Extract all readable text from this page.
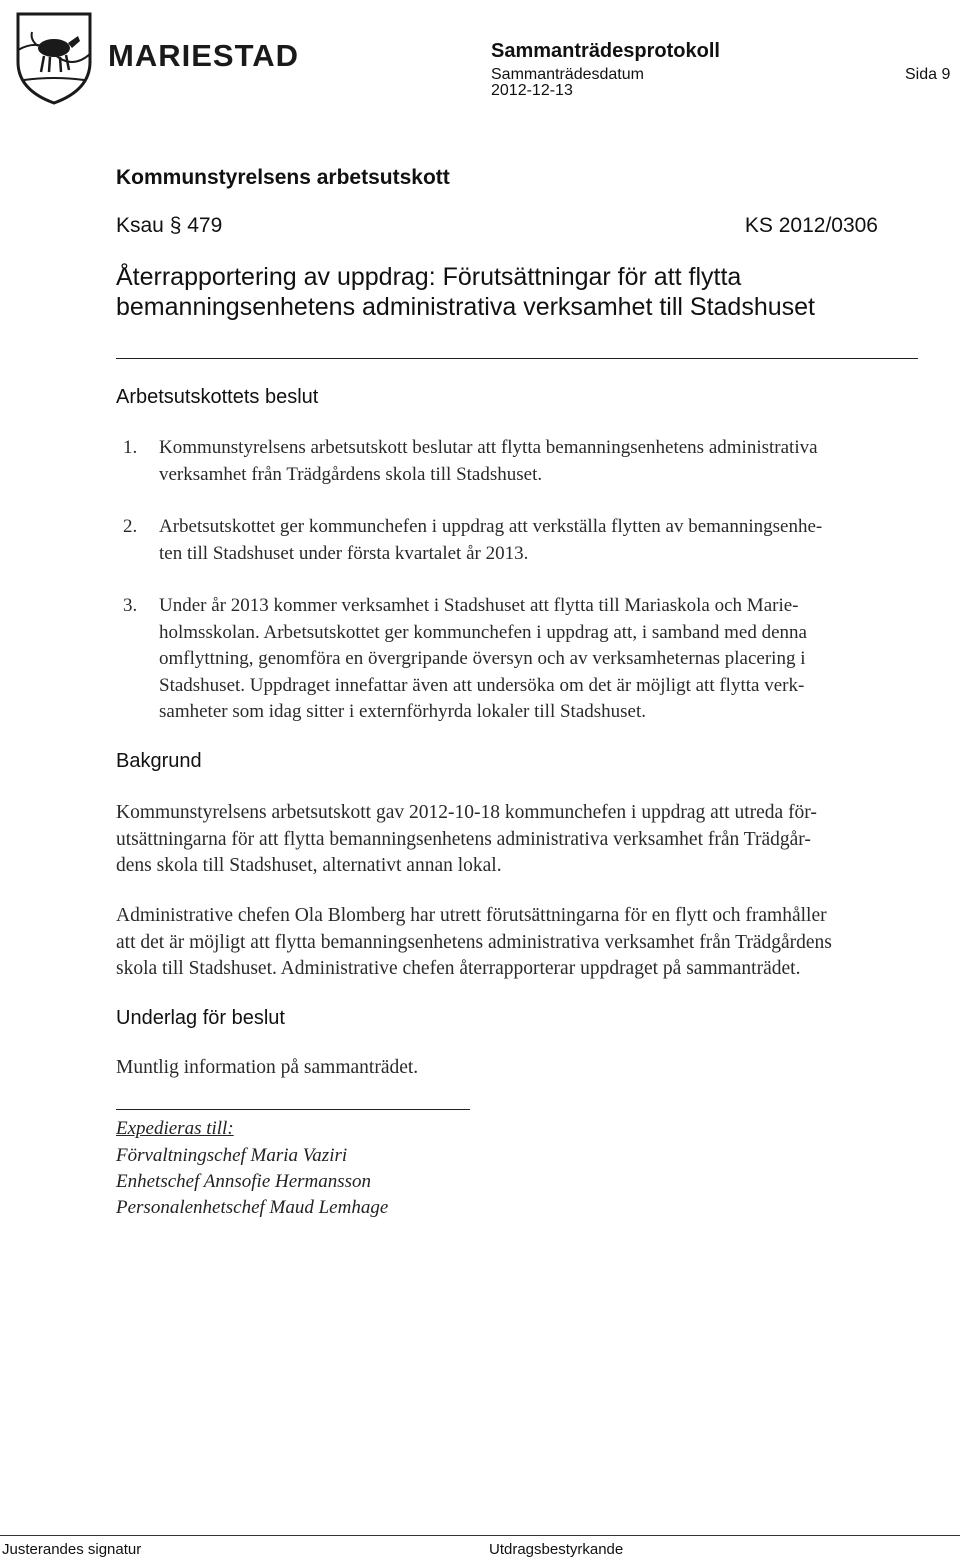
MARIESTAD	Sammanträdesprotokoll
Sammanträdesdatum
2012-12-13
Sida 9
Kommunstyrelsens arbetsutskott
Ksau § 479	KS 2012/0306
Återrapportering av uppdrag: Förutsättningar för att flytta
bemanningsenhetens administrativa verksamhet till Stadshuset
Arbetsutskottets beslut
1. Kommunstyrelsens arbetsutskott beslutar att flytta bemanningsenhetens administrativa
verksamhet från Trädgårdens skola till Stadshuset.
2. Arbetsutskottet ger kommunchefen i uppdrag att verkställa flytten av bemanningsenhe-
ten till Stadshuset under första kvartalet år 2013.
3. Under år 2013 kommer verksamhet i Stadshuset att flytta till Mariaskola och Marie-
holmsskolan. Arbetsutskottet ger kommunchefen i uppdrag att, i samband med denna
omflyttning, genomföra en övergripande översyn och av verksamheternas placering i
Stadshuset. Uppdraget innefattar även att undersöka om det är möjligt att flytta verk-
samheter som idag sitter i externförhyrda lokaler till Stadshuset.
Bakgrund
Kommunstyrelsens arbetsutskott gav 2012-10-18 kommunchefen i uppdrag att utreda för-
utsättningarna för att flytta bemanningsenhetens administrativa verksamhet från Trädgår-
dens skola till Stadshuset, alternativt annan lokal.
Administrative chefen Ola Blomberg har utrett förutsättningarna för en flytt och framhåller
att det är möjligt att flytta bemanningsenhetens administrativa verksamhet från Trädgårdens
skola till Stadshuset. Administrative chefen återrapporterar uppdraget på sammanträdet.
Underlag för beslut
Muntlig information på sammanträdet.
Expedieras till:
Förvaltningschef Maria Vaziri
Enhetschef Annsofie Hermansson
Personalenhetschef Maud Lemhage
Justerandes signatur	Utdragsbestyrkande
